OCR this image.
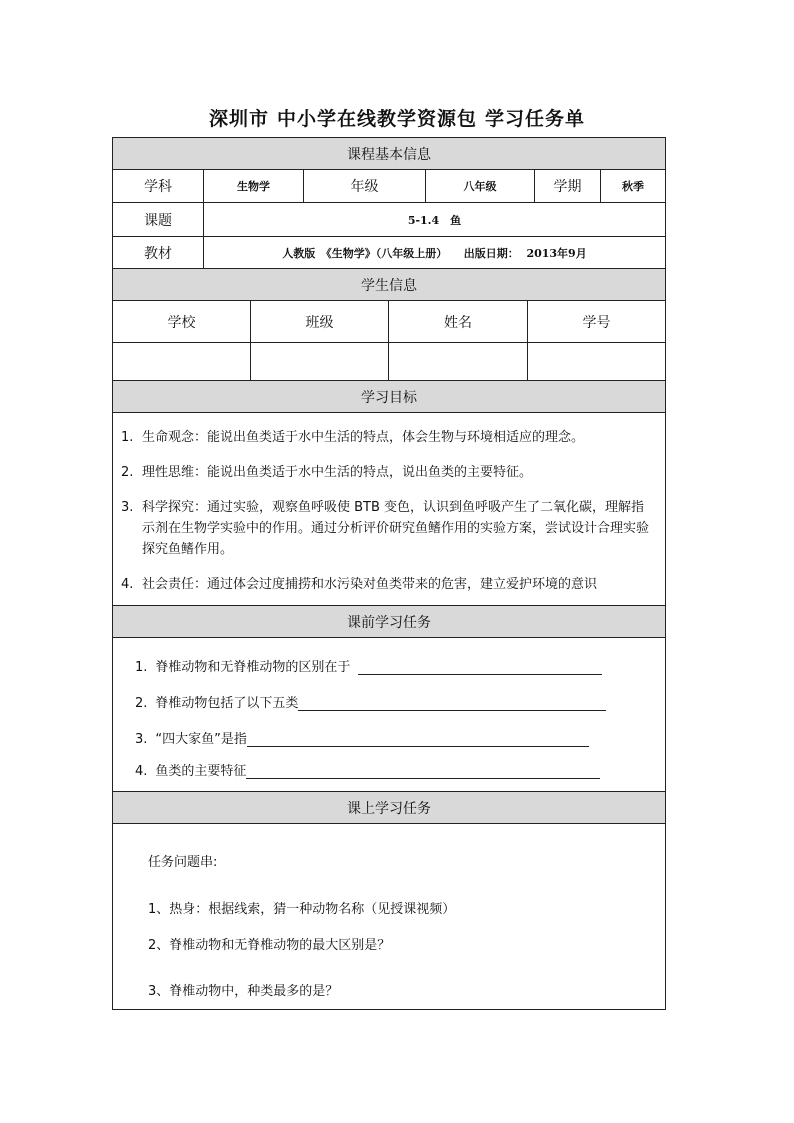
深圳市 中小学在线教学资源包 学习任务单
课程基本信息
学科	生物学	年级	八年级	学期	秋季
课题	5-1.4　鱼
教材	人教版　《生物学》（八年级上册）　　出版日期：  2013年9月
学生信息
学校	班级	姓名	学号
学习目标
1. 生命观念：能说出鱼类适于水中生活的特点，体会生物与环境相适应的理念。
2. 理性思维：能说出鱼类适于水中生活的特点，说出鱼类的主要特征。
3. 科学探究：通过实验，观察鱼呼吸使 BTB 变色，认识到鱼呼吸产生了二氧化碳，理解指示剂在生物学实验中的作用。通过分析评价研究鱼鳍作用的实验方案，尝试设计合理实验探究鱼鳍作用。
4. 社会责任：通过体会过度捕捞和水污染对鱼类带来的危害，建立爱护环境的意识
课前学习任务
1. 脊椎动物和无脊椎动物的区别在于
2. 脊椎动物包括了以下五类
3. “四大家鱼”是指
4. 鱼类的主要特征
课上学习任务
任务问题串:
1、热身：根据线索，猜一种动物名称（见授课视频）
2、脊椎动物和无脊椎动物的最大区别是？
3、脊椎动物中，种类最多的是？
